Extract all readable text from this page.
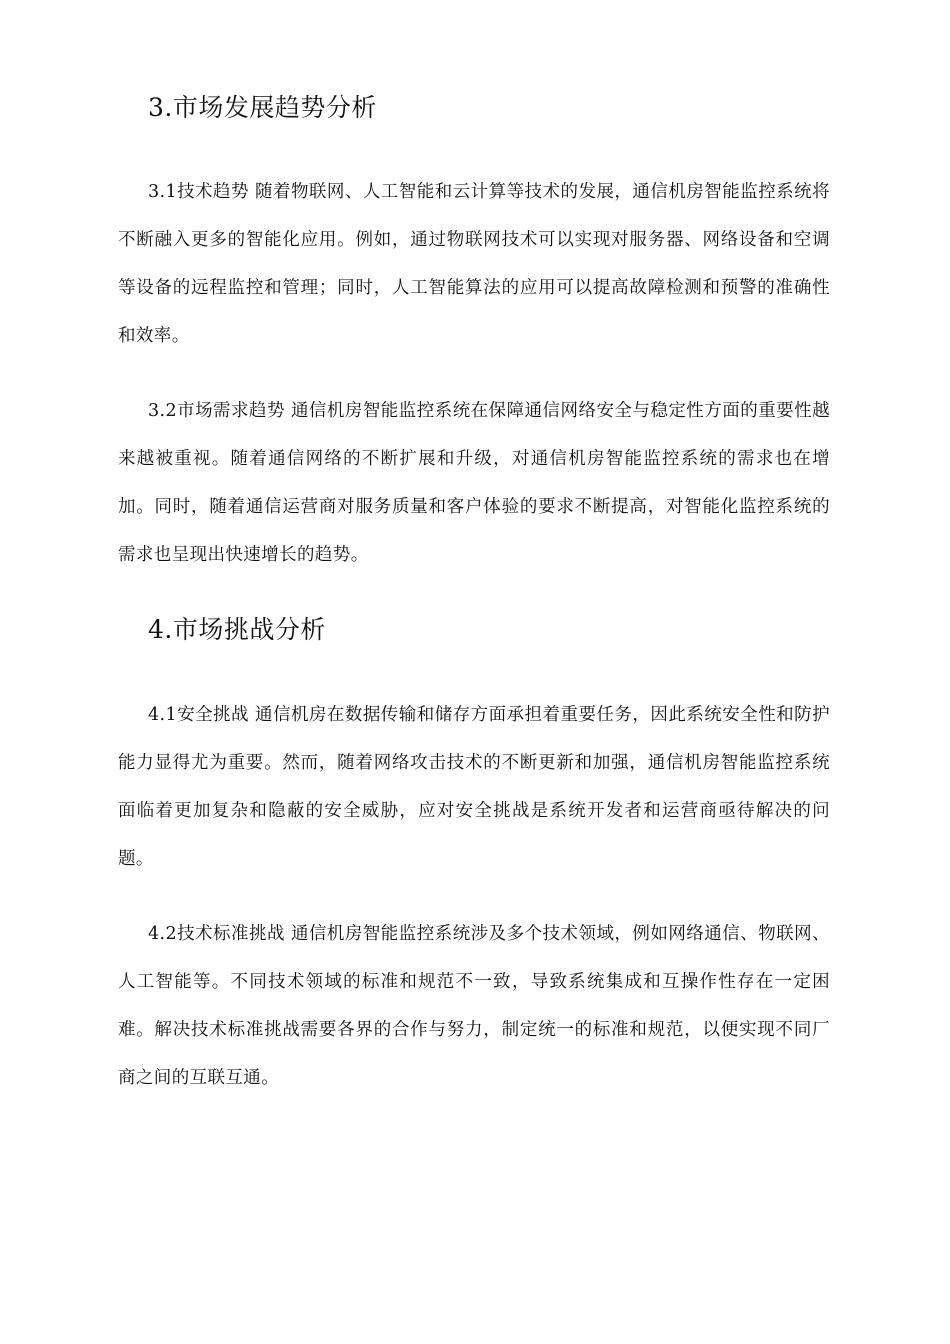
3.市场发展趋势分析

3.1技术趋势 随着物联网、人工智能和云计算等技术的发展，通信机房智能监控系统将不断融入更多的智能化应用。例如，通过物联网技术可以实现对服务器、网络设备和空调等设备的远程监控和管理；同时，人工智能算法的应用可以提高故障检测和预警的准确性和效率。

3.2市场需求趋势 通信机房智能监控系统在保障通信网络安全与稳定性方面的重要性越来越被重视。随着通信网络的不断扩展和升级，对通信机房智能监控系统的需求也在增加。同时，随着通信运营商对服务质量和客户体验的要求不断提高，对智能化监控系统的需求也呈现出快速增长的趋势。

4.市场挑战分析

4.1安全挑战 通信机房在数据传输和储存方面承担着重要任务，因此系统安全性和防护能力显得尤为重要。然而，随着网络攻击技术的不断更新和加强，通信机房智能监控系统面临着更加复杂和隐蔽的安全威胁，应对安全挑战是系统开发者和运营商亟待解决的问题。

4.2技术标准挑战 通信机房智能监控系统涉及多个技术领域，例如网络通信、物联网、人工智能等。不同技术领域的标准和规范不一致，导致系统集成和互操作性存在一定困难。解决技术标准挑战需要各界的合作与努力，制定统一的标准和规范，以便实现不同厂商之间的互联互通。
